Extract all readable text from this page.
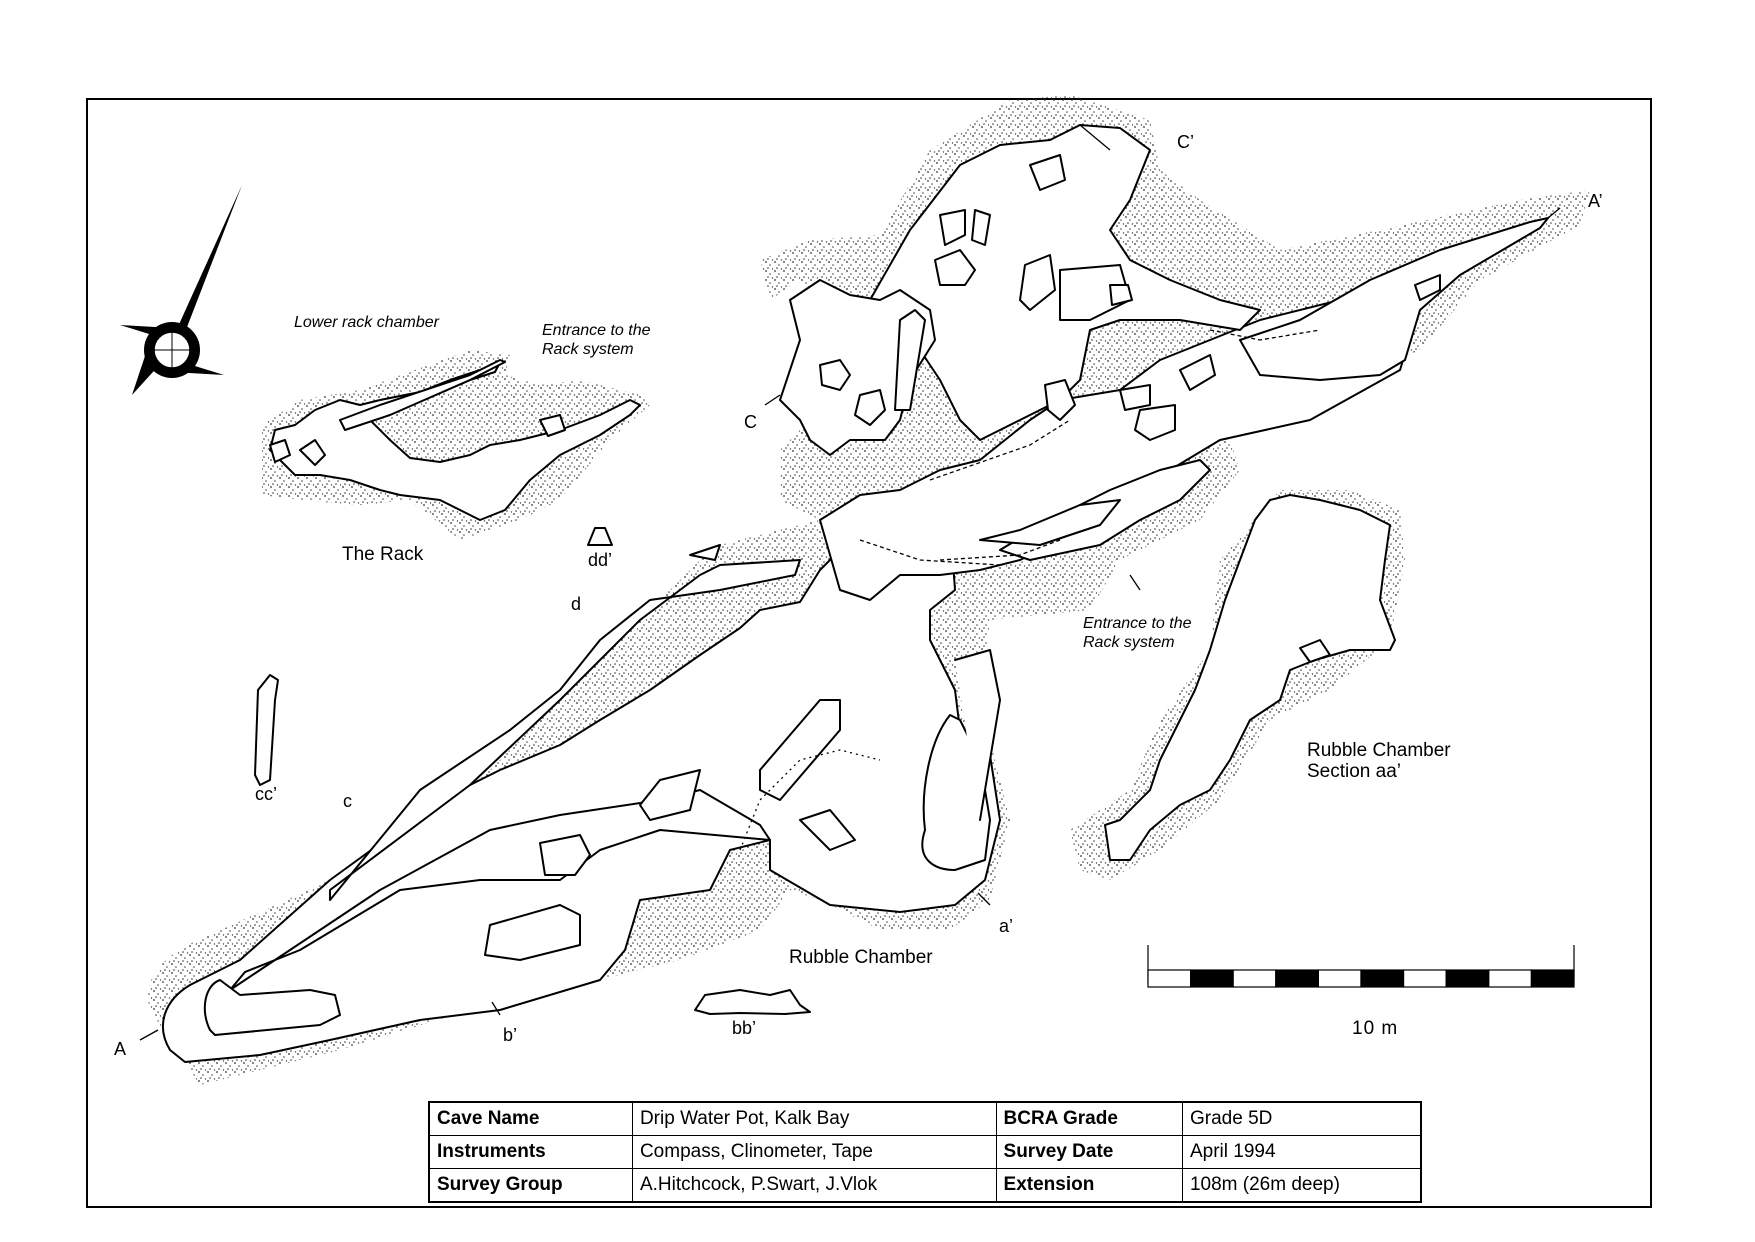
Lower rack chamber	Entrance to the
Rack system
Entrance to the
Rack system
The Rack
Rubble Chamber
Rubble Chamber
Section aa’
A
A’
C
C’
a’
b’	bb’
c
cc’
d
dd’
10 m
Cave Name	Drip Water Pot, Kalk Bay	BCRA Grade	Grade 5D
Instruments	Compass, Clinometer, Tape	Survey Date	April 1994
Survey Group	A.Hitchcock, P.Swart, J.Vlok	Extension	108m (26m deep)
